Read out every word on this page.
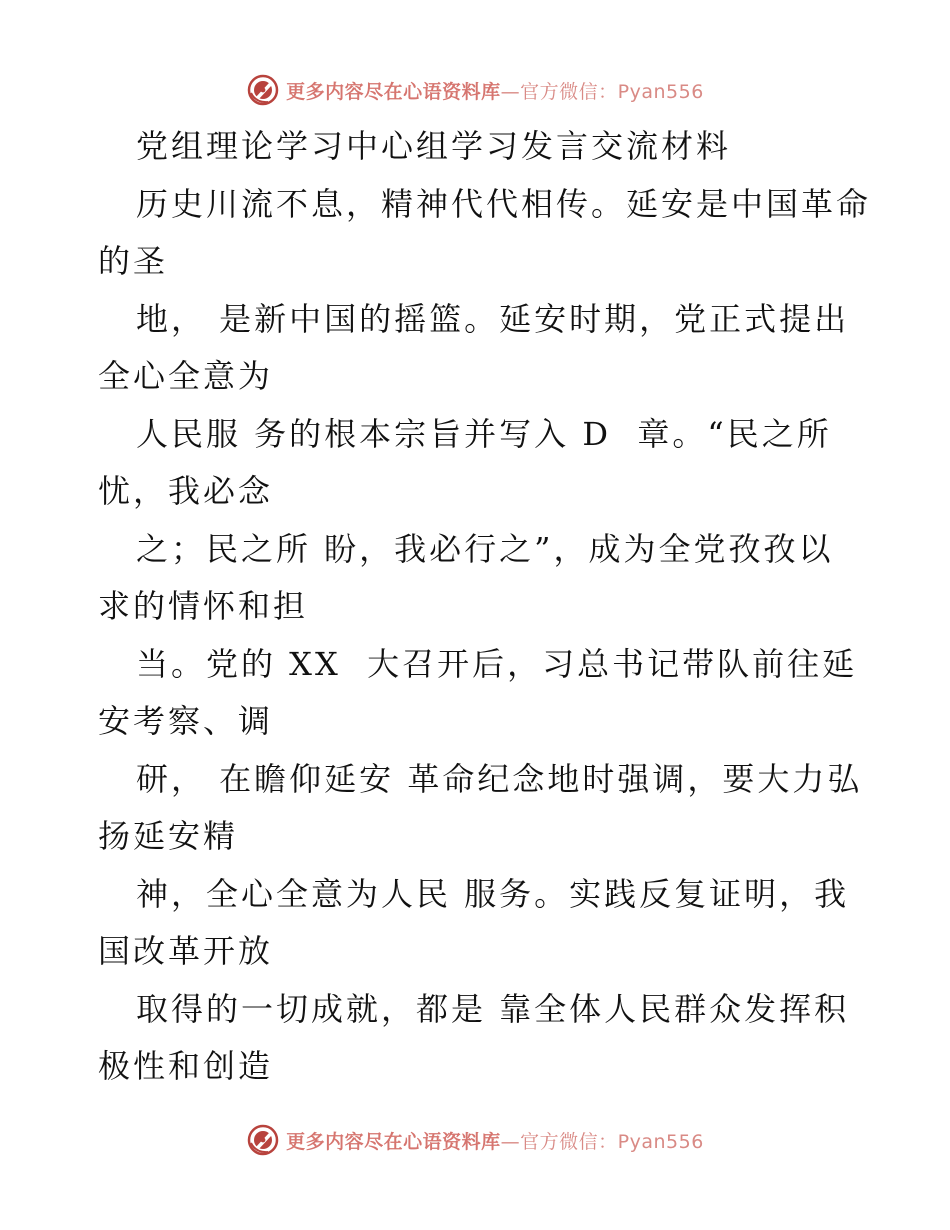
更多内容尽在心语资料库—官方微信：Pyan556
党组理论学习中心组学习发言交流材料
历史川流不息，精神代代相传。延安是中国革命
的圣
地， 是新中国的摇篮。延安时期，党正式提出
全心全意为
人民服 务的根本宗旨并写入 D  章。“民之所
忧，我必念
之；民之所 盼，我必行之”，成为全党孜孜以
求的情怀和担
当。党的 XX  大召开后，习总书记带队前往延
安考察、调
研， 在瞻仰延安 革命纪念地时强调，要大力弘
扬延安精
神，全心全意为人民 服务。实践反复证明，我
国改革开放
取得的一切成就，都是 靠全体人民群众发挥积
极性和创造
更多内容尽在心语资料库—官方微信：Pyan556
